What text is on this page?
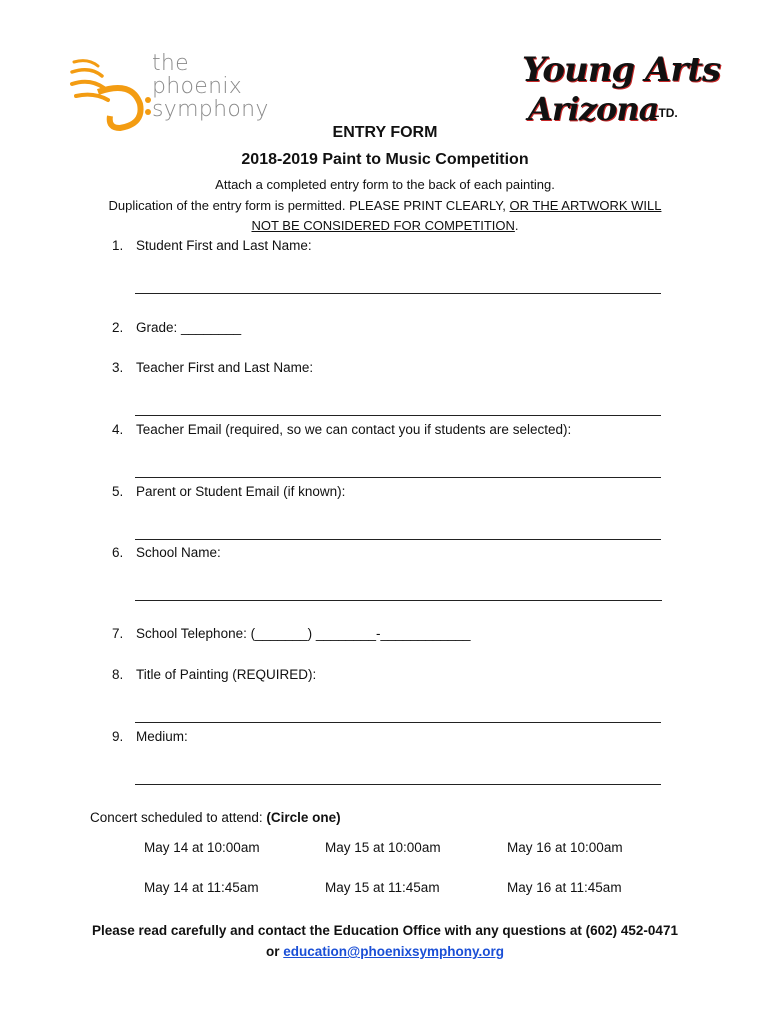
the
phoenix
symphony
Young Arts
Arizona
LTD.
ENTRY FORM
2018-2019 Paint to Music Competition
Attach a completed entry form to the back of each painting.
Duplication of the entry form is permitted. PLEASE PRINT CLEARLY, OR THE ARTWORK WILL
NOT BE CONSIDERED FOR COMPETITION.
1. Student First and Last Name:
2. Grade: ________
3. Teacher First and Last Name:
4. Teacher Email (required, so we can contact you if students are selected):
5. Parent or Student Email (if known):
6. School Name:
7. School Telephone: (_______) ________-____________
8. Title of Painting (REQUIRED):
9. Medium:
Concert scheduled to attend: (Circle one)
May 14 at 10:00am	May 15 at 10:00am	May 16 at 10:00am
May 14 at 11:45am	May 15 at 11:45am	May 16 at 11:45am
Please read carefully and contact the Education Office with any questions at (602) 452-0471
or education@phoenixsymphony.org
